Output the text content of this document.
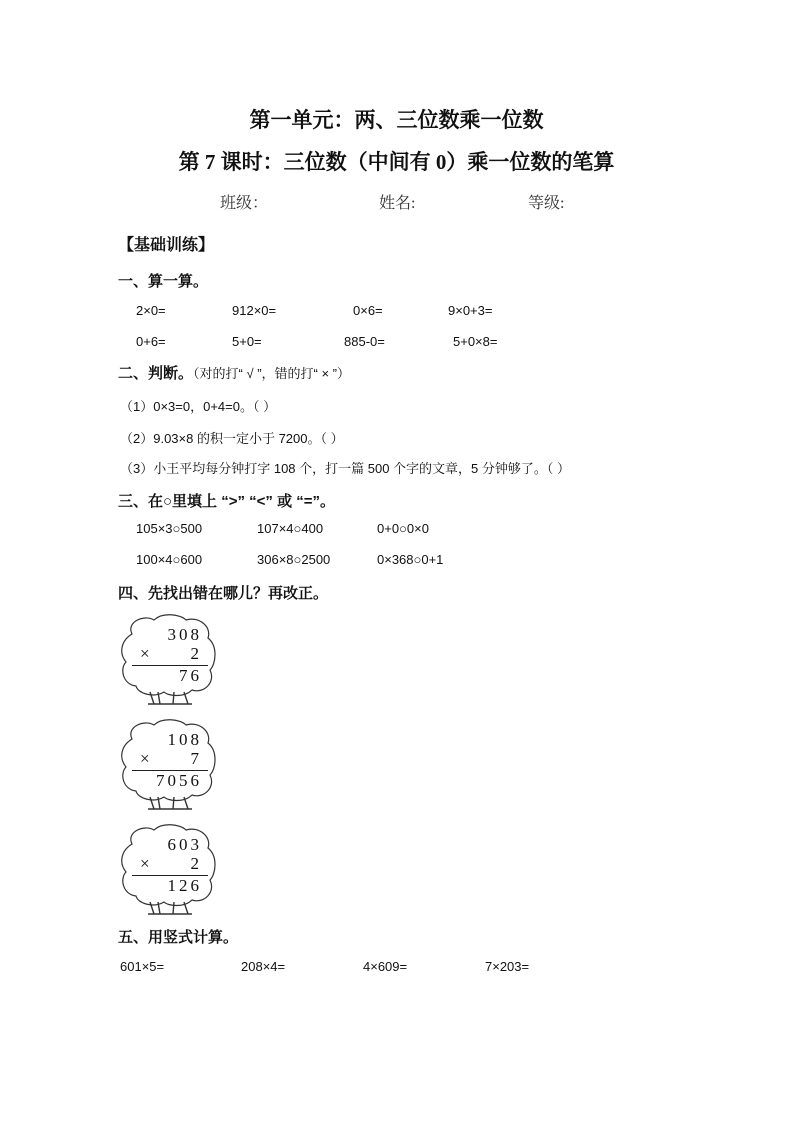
第一单元：两、三位数乘一位数
第 7 课时：三位数（中间有 0）乘一位数的笔算
班级：	姓名:	等级:
【基础训练】
一、算一算。
2×0=	912×0=	0×6=	9×0+3=
0+6=	5+0=	885-0=	5+0×8=
二、判断。（对的打“ √ ”，错的打“ × ”）
（1）0×3=0，0+4=0。（ ）
（2）9.03×8 的积一定小于 7200。（ ）
（3）小王平均每分钟打字 108 个，打一篇 500 个字的文章，5 分钟够了。（ ）
三、在○里填上 “>” “<” 或 “=”。
105×3○500	107×4○400	0+0○0×0
100×4○600	306×8○2500	0×368○0+1
四、先找出错在哪儿？再改正。
308
× 2
76
108
× 7
7056
603
× 2
126
五、用竖式计算。
601×5=	208×4=	4×609=	7×203=
